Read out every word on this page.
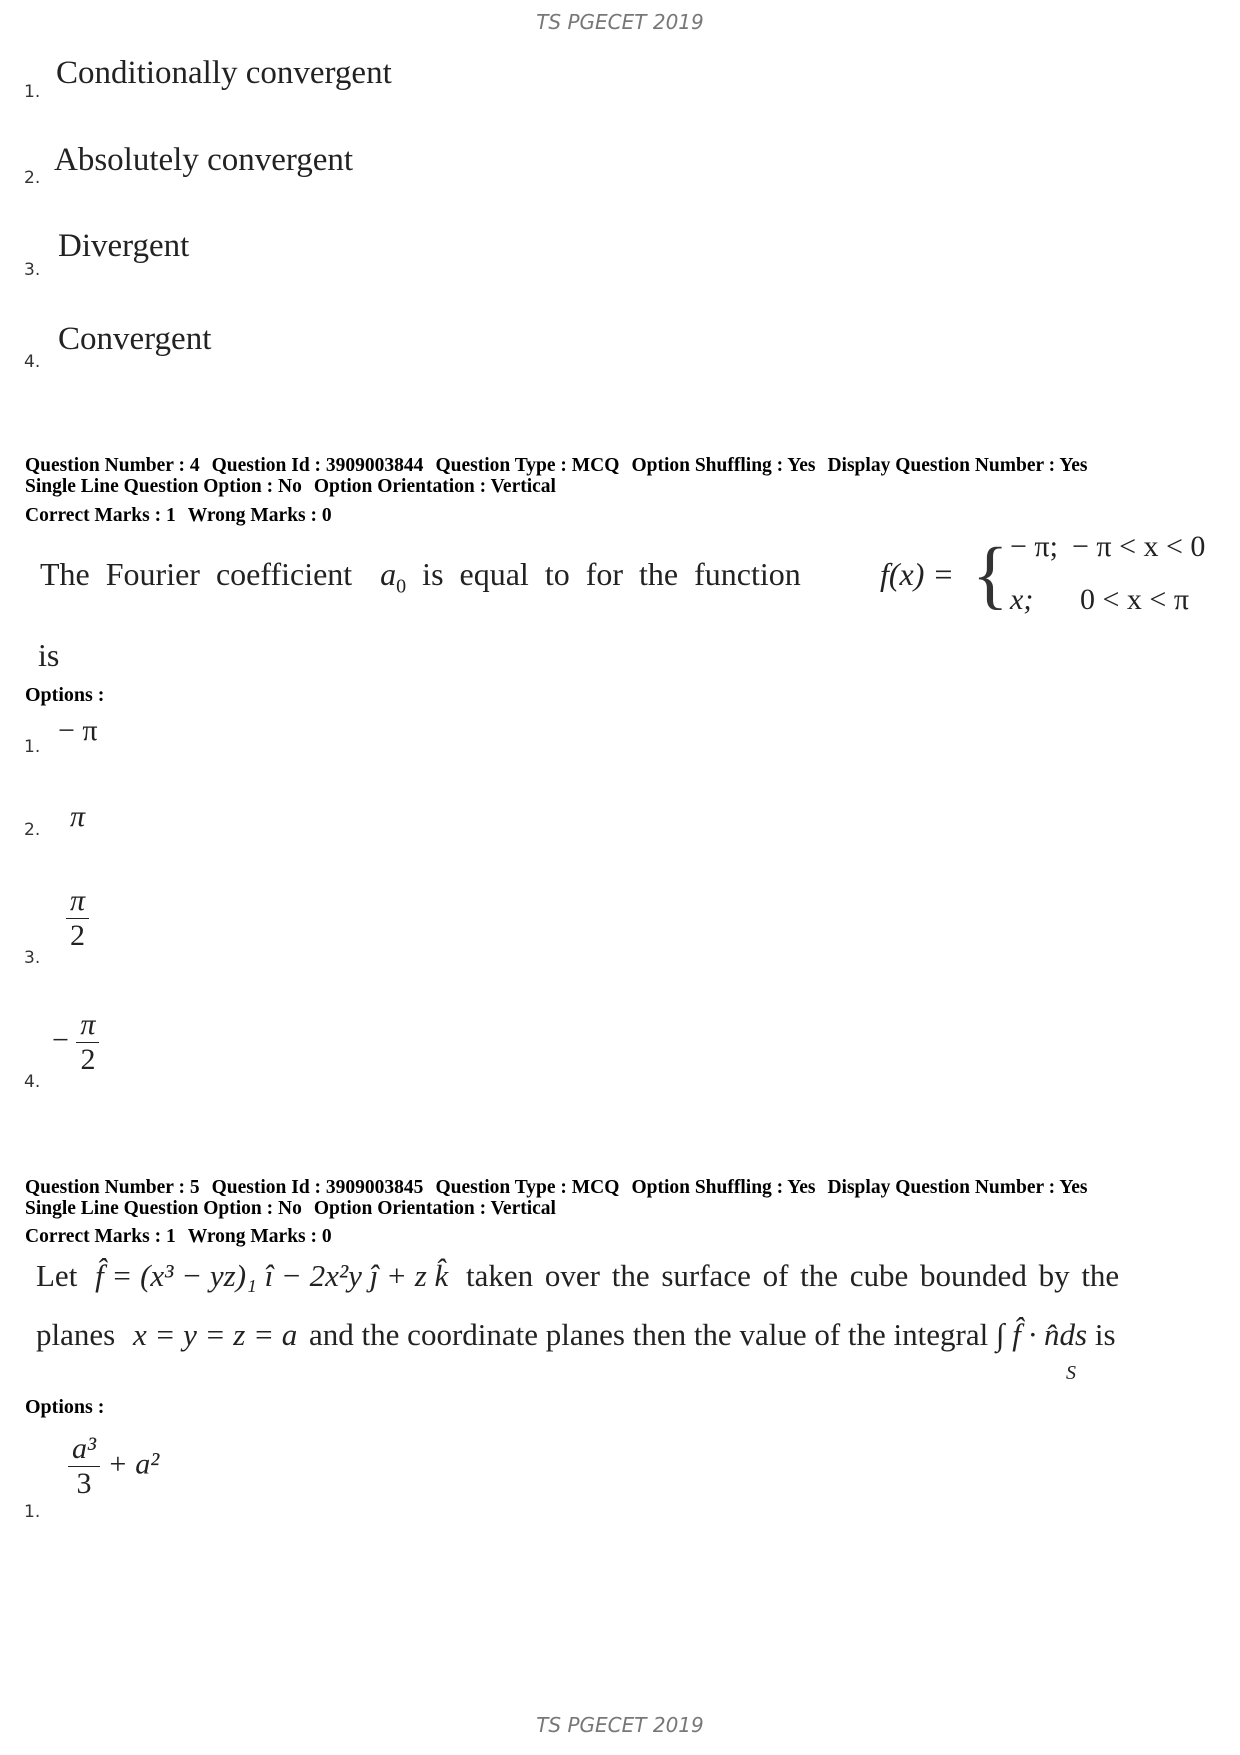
TS PGECET 2019
TS PGECET 2019
1.
Conditionally convergent
2. Absolutely convergent
3.
Divergent
4.
Convergent
Question Number : 4 Question Id : 3909003844 Question Type : MCQ Option Shuffling : Yes Display Question Number : Yes
Single Line Question Option : No Option Orientation : Vertical
Correct Marks : 1 Wrong Marks : 0
The Fourier coefficient $a_0$ is equal to for the function f(x) = { − π; − π < x < 0
x; 0 < x < π
is
Options :
1. − π
2. π
3.
$\frac{\pi}{2}$
4.
− $\frac{\pi}{2}$
Question Number : 5 Question Id : 3909003845 Question Type : MCQ Option Shuffling : Yes Display Question Number : Yes
Single Line Question Option : No Option Orientation : Vertical
Correct Marks : 1 Wrong Marks : 0
Let f̂ = (x³ − yz)₁ î − 2x²y ĵ + z k̂ taken over the surface of the cube bounded by the
planes x = y = z = a and the coordinate planes then the value of the integral ∫ f̂ · n̂ds is
S
Options :
1.
$\frac{\text{a³}}{3} + a^2$
